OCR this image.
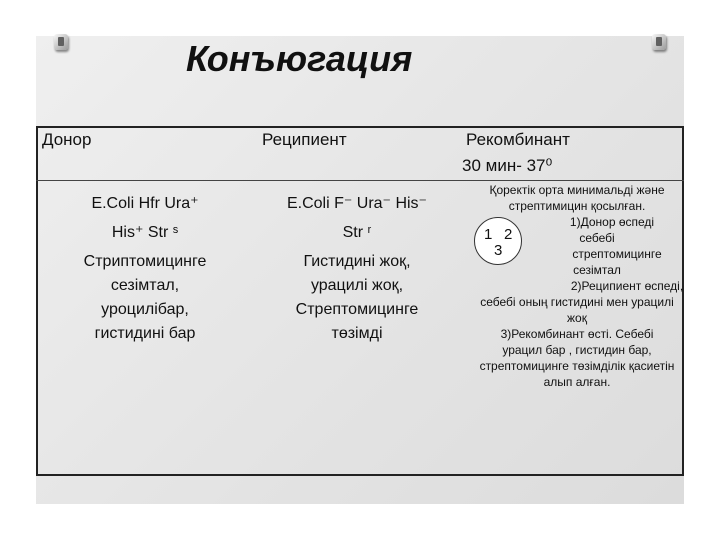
Конъюгация
Донор	Реципиент	Рекомбинант
30 мин- 37⁰
E.Coli Hfr Ura⁺
His⁺ Str ˢ
Стриптомицинге
сезімтал,
уроцилібар,
гистидині бар
E.Coli F⁻ Ura⁻ His⁻
Str ʳ
Гистидині жоқ,
урацилі жоқ,
Стрептомицинге
төзімді
Қоректік орта минимальді және
стрептимицин қосылған.
1)Донор өспеді
себебі
стрептомицинге
сезімтал
2)Реципиент өспеді,
себебі оның гистидині мен урацилі
жоқ
3)Рекомбинант өсті. Себебі
урацил бар , гистидин бар,
стрептомицинге төзімділік қасиетін
алып алған.
1 2
3
